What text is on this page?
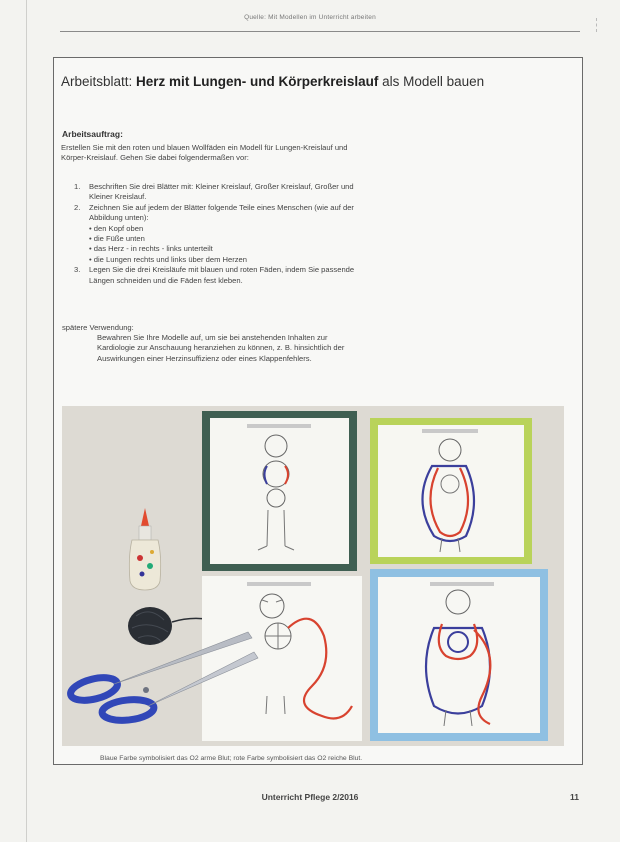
Quelle: Mit Modellen im Unterricht arbeiten
Arbeitsblatt: Herz mit Lungen- und Körperkreislauf als Modell bauen
Arbeitsauftrag:
Erstellen Sie mit den roten und blauen Wollfäden ein Modell für Lungen-Kreislauf und Körper-Kreislauf. Gehen Sie dabei folgendermaßen vor:
1. Beschriften Sie drei Blätter mit: Kleiner Kreislauf, Großer Kreislauf, Großer und Kleiner Kreislauf.
2. Zeichnen Sie auf jedem der Blätter folgende Teile eines Menschen (wie auf der Abbildung unten):
• den Kopf oben
• die Füße unten
• das Herz - in rechts - links unterteilt
• die Lungen rechts und links über dem Herzen
3. Legen Sie die drei Kreisläufe mit blauen und roten Fäden, indem Sie passende Längen schneiden und die Fäden fest kleben.
spätere Verwendung:
Bewahren Sie Ihre Modelle auf, um sie bei anstehenden Inhalten zur Kardiologie zur Anschauung heranziehen zu können, z. B. hinsichtlich der Auswirkungen einer Herzinsuffizienz oder eines Klappenfehlers.
Blaue Farbe symbolisiert das O2 arme Blut; rote Farbe symbolisiert das O2 reiche Blut.
Unterricht Pflege 2/2016	11
